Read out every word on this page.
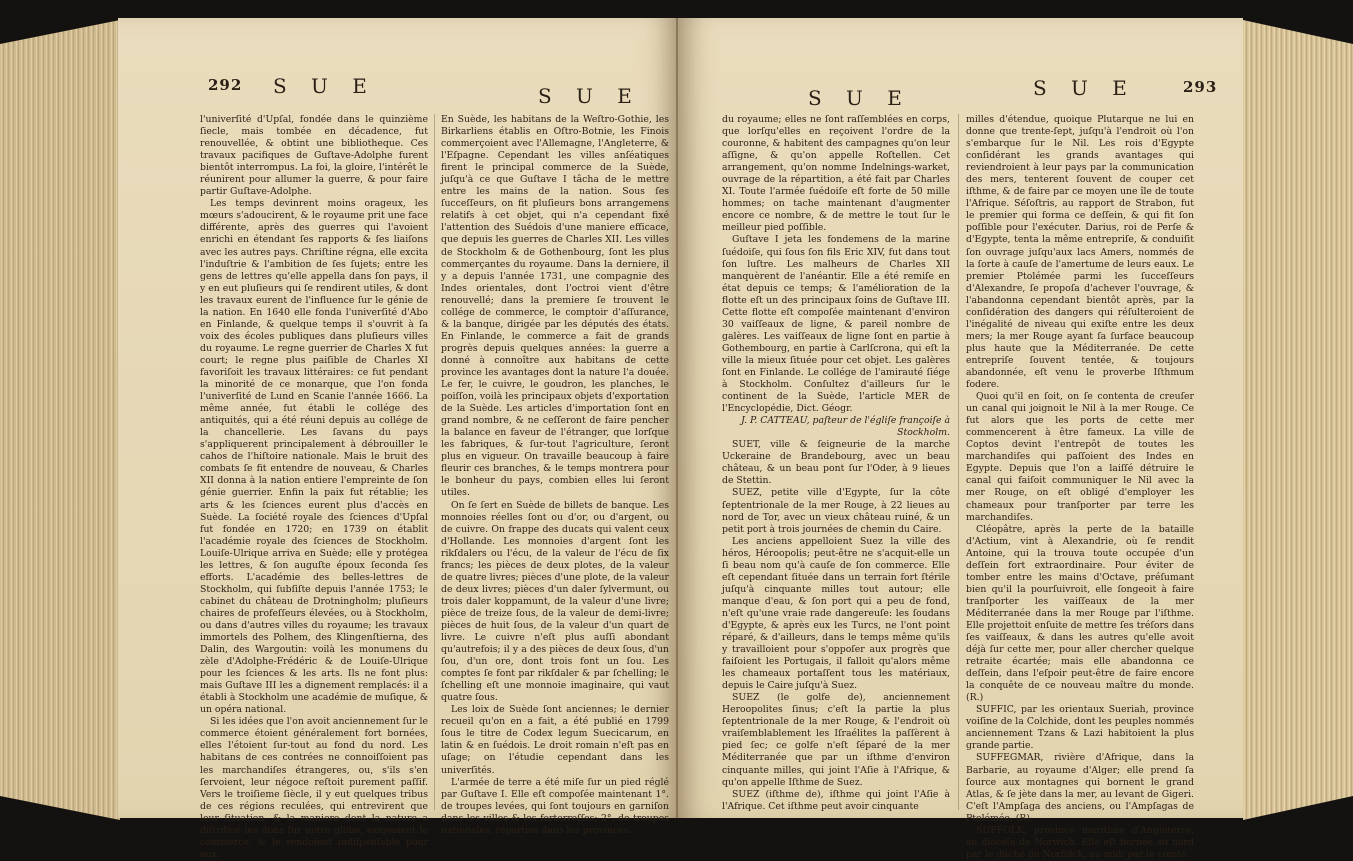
292 S U E	S U E

l'univerſité d'Upſal, fondée dans le quinzième ſiecle, mais tombée en décadence, fut renouvellée, & obtint une bibliotheque. Ces travaux pacifiques de Guſtave-Adolphe furent bientôt interrompus. La foi, la gloire, l'intérêt le réunirent pour allumer la guerre, & pour faire partir Guſtave-Adolphe.

Les temps devinrent moins orageux, les mœurs s'adoucirent, & le royaume prit une face différente, après des guerres qui l'avoient enrichi en étendant ſes rapports & ſes liaiſons avec les autres pays. Chriſtine régna, elle excita l'induſtrie & l'ambition de ſes ſujets; entre les gens de lettres qu'elle appella dans ſon pays, il y en eut pluſieurs qui ſe rendirent utiles, & dont les travaux eurent de l'influence ſur le génie de la nation. En 1640 elle fonda l'univerſité d'Abo en Finlande, & quelque temps il s'ouvrit à ſa voix des écoles publiques dans pluſieurs villes du royaume. Le regne guerrier de Charles X fut court; le regne plus paiſible de Charles XI favoriſoit les travaux littéraires: ce fut pendant la minorité de ce monarque, que l'on fonda l'univerſité de Lund en Scanie l'année 1666. La même année, fut établi le collége des antiquités, qui a été réuni depuis au collége de la chancellerie. Les ſavans du pays s'appliquerent principalement à débrouiller le cahos de l'hiſtoire nationale. Mais le bruit des combats ſe fit entendre de nouveau, & Charles XII donna à la nation entiere l'empreinte de ſon génie guerrier. Enfin la paix fut rétablie; les arts & les ſciences eurent plus d'accès en Suède. La ſociété royale des ſciences d'Upſal fut fondée en 1720; en 1739 on établit l'académie royale des ſciences de Stockholm. Louiſe-Ulrique arriva en Suède; elle y protégea les lettres, & ſon auguſte époux ſeconda ſes efforts. L'académie des belles-lettres de Stockholm, qui ſubſiſte depuis l'année 1753; le cabinet du château de Drotningholm; pluſieurs chaires de profeſſeurs élevées, ou à Stockholm, ou dans d'autres villes du royaume; les travaux immortels des Polhem, des Klingenſtierna, des Dalin, des Wargoutin: voilà les monumens du zèle d'Adolphe-Frédéric & de Louiſe-Ulrique pour les ſciences & les arts. Ils ne font plus: mais Guſtave III les a dignement remplacés: il a établi à Stockholm une académie de muſique, & un opéra national.

Si les idées que l'on avoit anciennement ſur le commerce étoient généralement fort bornées, elles l'étoient ſur-tout au fond du nord. Les habitans de ces contrées ne connoiſſoient pas les marchandiſes étrangeres, ou, s'ils s'en ſervoient, leur négoce reſtoit purement paſſif. Vers le troiſieme ſiècle, il y eut quelques tribus de ces régions reculées, qui entrevirent que leur ſituation, & la maniere dont la nature a diſtribué les dons ſur notre globe, exigeoient le commerce, & le rendoient indiſpenſable pour eux.

En Suède, les habitans de la Weſtro-Gothie, les Birkarliens établis en Oſtro-Botnie, les Finois commerçoient avec l'Allemagne, l'Angleterre, & l'Eſpagne. Cependant les villes anſéatiques firent le principal commerce de la Suède, juſqu'à ce que Guſtave I tâcha de le mettre entre les mains de la nation. Sous ſes ſucceſſeurs, on fit pluſieurs bons arrangemens relatifs à cet objet, qui n'a cependant fixé l'attention des Suédois d'une maniere efficace, que depuis les guerres de Charles XII. Les villes de Stockholm & de Gothenbourg, ſont les plus commerçantes du royaume. Dans la derniere, il y a depuis l'année 1731, une compagnie des Indes orientales, dont l'octroi vient d'être renouvellé; dans la premiere ſe trouvent le collége de commerce, le comptoir d'aſſurance, & la banque, dirigée par les députés des états. En Finlande, le commerce a fait de grands progrès depuis quelques années: la guerre a donné à connoître aux habitans de cette province les avantages dont la nature l'a douée. Le fer, le cuivre, le goudron, les planches, le poiſſon, voilà les principaux objets d'exportation de la Suède. Les articles d'importation ſont en grand nombre, & ne ceſſeront de faire pencher la balance en faveur de l'étranger, que lorſque les fabriques, & ſur-tout l'agriculture, ſeront plus en vigueur. On travaille beaucoup à faire fleurir ces branches, & le temps montrera pour le bonheur du pays, combien elles lui ſeront utiles.

On ſe ſert en Suède de billets de banque. Les monnoies réelles ſont ou d'or, ou d'argent, ou de cuivre. On frappe des ducats qui valent ceux d'Hollande. Les monnoies d'argent ſont les rikſdalers ou l'écu, de la valeur de l'écu de ſix francs; les pièces de deux plotes, de la valeur de quatre livres; pièces d'une plote, de la valeur de deux livres; pièces d'un daler ſylvermunt, ou trois daler koppamunt, de la valeur d'une livre; pièce de treize ſous, de la valeur de demi-livre; pièces de huit ſous, de la valeur d'un quart de livre. Le cuivre n'eſt plus auſſi abondant qu'autrefois; il y a des pièces de deux ſous, d'un ſou, d'un ore, dont trois font un ſou. Les comptes ſe font par rikſdaler & par ſchelling; le ſchelling eſt une monnoie imaginaire, qui vaut quatre ſous.

Les loix de Suède ſont anciennes; le dernier recueil qu'on en a fait, a été publié en 1799 ſous le titre de Codex legum Suecicarum, en latin & en ſuédois. Le droit romain n'eſt pas en uſage; on l'étudie cependant dans les univerſités.

L'armée de terre a été miſe ſur un pied réglé par Guſtave I. Elle eſt compoſée maintenant 1°. de troupes levées, qui ſont toujours en garniſon dans les villes & les forterreſſes; 2°. de troupes nationales, réparties dans les provinces.

S U E	S U E	293

du royaume; elles ne ſont raſſemblées en corps, que lorſqu'elles en reçoivent l'ordre de la couronne, & habitent des campagnes qu'on leur aſſigne, & qu'on appelle Roſtellen. Cet arrangement, qu'on nomme Indelnings-warket, ouvrage de la répartition, a été fait par Charles XI. Toute l'armée ſuédoiſe eſt forte de 50 mille hommes; on tache maintenant d'augmenter encore ce nombre, & de mettre le tout ſur le meilleur pied poſſible.

Guſtave I jeta les fondemens de la marine ſuédoiſe, qui ſous ſon fils Eric XIV, fut dans tout ſon luſtre. Les malheurs de Charles XII manquèrent de l'anéantir. Elle a été remiſe en état depuis ce temps; & l'amélioration de la flotte eſt un des principaux ſoins de Guſtave III. Cette flotte eſt compoſée maintenant d'environ 30 vaiſſeaux de ligne, & pareil nombre de galères. Les vaiſſeaux de ligne ſont en partie à Gothembourg, en partie à Carlſcrona, qui eſt la ville la mieux ſituée pour cet objet. Les galères ſont en Finlande. Le collége de l'amirauté ſiége à Stockholm. Conſultez d'ailleurs ſur le continent de la Suède, l'article MER de l'Encyclopédie, Dict. Géogr.

J. P. CATTEAU, paſteur de l'égliſe françoiſe à Stockholm.

SUET, ville & ſeigneurie de la marche Uckeraine de Brandebourg, avec un beau château, & un beau pont ſur l'Oder, à 9 lieues de Stettin.

SUEZ, petite ville d'Egypte, ſur la côte ſeptentrionale de la mer Rouge, à 22 lieues au nord de Tor, avec un vieux château ruiné, & un petit port à trois journées de chemin du Caire.

Les anciens appelloient Suez la ville des héros, Héroopolis; peut-être ne s'acquit-elle un ſi beau nom qu'à cauſe de ſon commerce. Elle eſt cependant ſituée dans un terrain fort ſtérile juſqu'à cinquante milles tout autour; elle manque d'eau, & ſon port qui a peu de fond, n'eſt qu'une vraie rade dangereuſe: les ſoudans d'Egypte, & après eux les Turcs, ne l'ont point réparé, & d'ailleurs, dans le temps même qu'ils y travailloient pour s'oppoſer aux progrès que faiſoient les Portugais, il falloit qu'alors même les chameaux portaſſent tous les matériaux, depuis le Caire juſqu'à Suez.

SUEZ (le golfe de), anciennement Heroopolites ſinus; c'eſt la partie la plus ſeptentrionale de la mer Rouge, & l'endroit où vraiſemblablement les Iſraélites la paſſèrent à pied ſec; ce golfe n'eſt ſéparé de la mer Méditerranée que par un iſthme d'environ cinquante milles, qui joint l'Aſie à l'Afrique, & qu'on appelle Iſthme de Suez.

SUEZ (iſthme de), iſthme qui joint l'Aſie à l'Afrique. Cet iſthme peut avoir cinquante

milles d'étendue, quoique Plutarque ne lui en donne que trente-ſept, juſqu'à l'endroit où l'on s'embarque ſur le Nil. Les rois d'Egypte conſidérant les grands avantages qui reviendroient à leur pays par la communication des mers, tenterent ſouvent de couper cet iſthme, & de faire par ce moyen une île de toute l'Afrique. Séſoſtris, au rapport de Strabon, fut le premier qui forma ce deſſein, & qui fit ſon poſſible pour l'exécuter. Darius, roi de Perſe & d'Egypte, tenta la même entrepriſe, & conduiſit ſon ouvrage juſqu'aux lacs Amers, nommés de la ſorte à cauſe de l'amertume de leurs eaux. Le premier Ptolémée parmi les ſucceſſeurs d'Alexandre, ſe propoſa d'achever l'ouvrage, & l'abandonna cependant bientôt après, par la conſidération des dangers qui réſulteroient de l'inégalité de niveau qui exiſte entre les deux mers; la mer Rouge ayant ſa ſurface beaucoup plus haute que la Méditerranée. De cette entrepriſe ſouvent tentée, & toujours abandonnée, eſt venu le proverbe Iſthmum fodere.

Quoi qu'il en ſoit, on ſe contenta de creuſer un canal qui joignoit le Nil à la mer Rouge. Ce fut alors que les ports de cette mer commencerent à être fameux. La ville de Coptos devint l'entrepôt de toutes les marchandiſes qui paſſoient des Indes en Egypte. Depuis que l'on a laiſſé détruire le canal qui faiſoit communiquer le Nil avec la mer Rouge, on eſt obligé d'employer les chameaux pour tranſporter par terre les marchandiſes.

Cléopâtre, après la perte de la bataille d'Actium, vint à Alexandrie, où ſe rendit Antoine, qui la trouva toute occupée d'un deſſein fort extraordinaire. Pour éviter de tomber entre les mains d'Octave, préſumant bien qu'il la pourſuivroit, elle ſongeoit à faire tranſporter les vaiſſeaux de la mer Méditerranée dans la mer Rouge par l'iſthme. Elle projettoit enſuite de mettre ſes tréſors dans ſes vaiſſeaux, & dans les autres qu'elle avoit déjà ſur cette mer, pour aller chercher quelque retraite écartée; mais elle abandonna ce deſſein, dans l'eſpoir peut-être de faire encore la conquête de ce nouveau maître du monde. (R.)

SUFFIC, par les orientaux Sueriah, province voiſine de la Colchide, dont les peuples nommés anciennement Tzans & Lazi habitoient la plus grande partie.

SUFFEGMAR, rivière d'Afrique, dans la Barbarie, au royaume d'Alger; elle prend ſa ſource aux montagnes qui bornent le grand Atlas, & ſe jète dans la mer, au levant de Gigeri. C'eſt l'Ampſaga des anciens, ou l'Ampſagas de Ptolémée. (R).

SUFFOLK, province maritime d'Angleterre, au diocèſe de Norwich. Elle eſt bornée au nord par le duché de Norfolck, au midi par le comté
